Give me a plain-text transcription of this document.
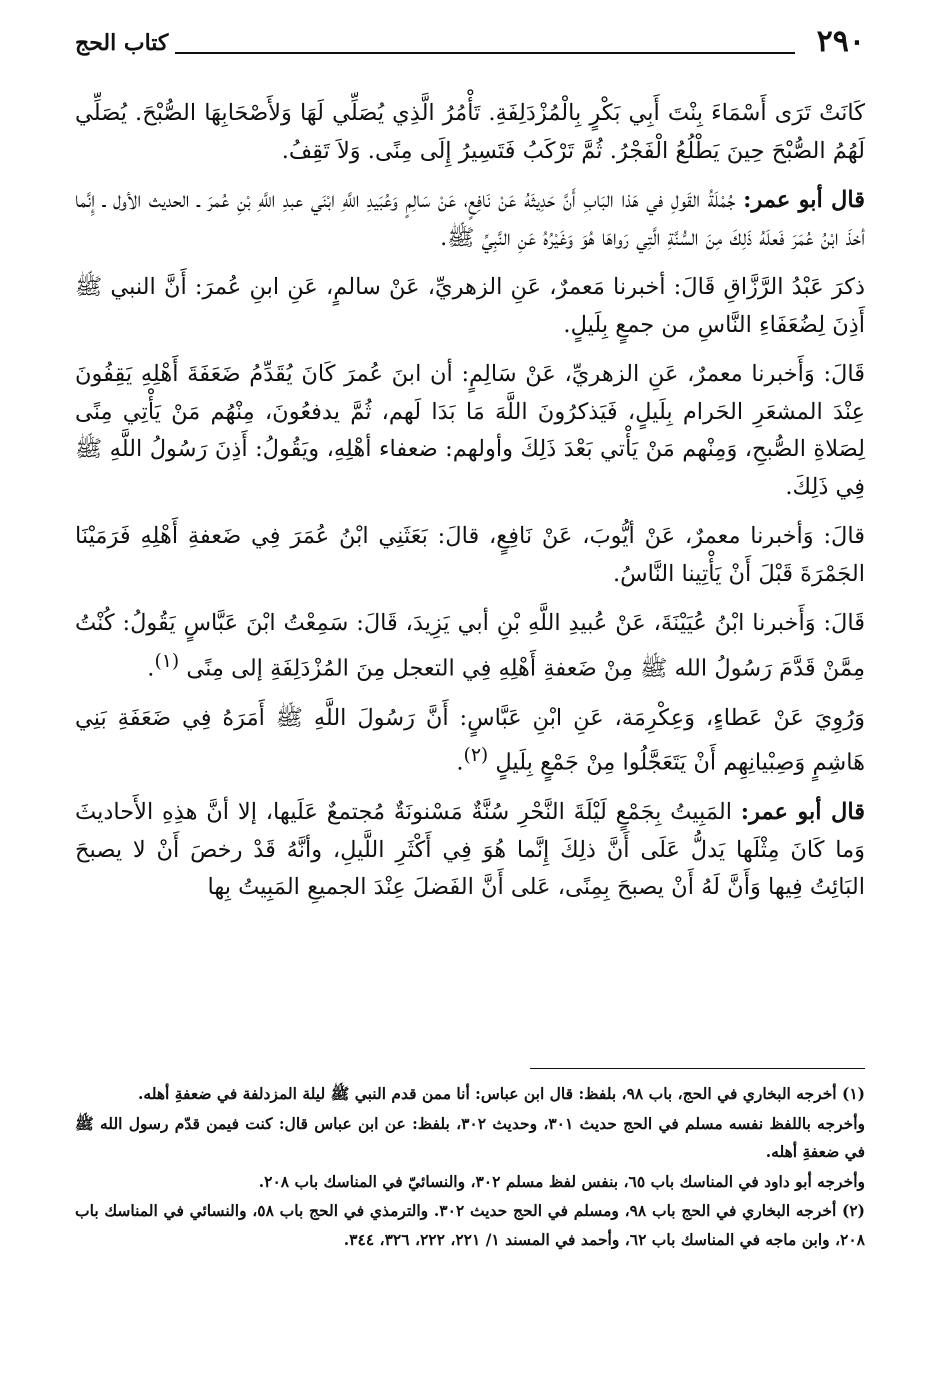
٢٩٠
كتاب الحج

كَانَتْ تَرَى أَسْمَاءَ بِنْتَ أَبِي بَكْرٍ بِالْمُزْدَلِفَةِ. تَأْمُرُ الَّذِي يُصَلِّي لَهَا وَلأَصْحَابِهَا الصُّبْحَ. يُصَلِّي لَهُمُ الصُّبْحَ حِينَ يَطْلُعُ الْفَجْرُ. ثُمَّ تَرْكَبُ فَتَسِيرُ إِلَى مِنًى. وَلاَ تَقِفُ.

قال أبو عمر: جُمْلَةُ القَولِ في هَذا البَابِ أَنَّ حَدِيثَهُ عَنْ نَافِعٍ، عَنْ سَالِمٍ وَعُبَيدِ اللَّهِ ابْنَي عبدِ اللَّهِ بْنِ عُمرَ ـ الحديث الأول ـ إِنَّما أخذَ ابْنُ عُمَرَ فَعلَهُ ذَلِكَ مِنَ السُّنَّةِ الَّتِي رَواهَا هُوَ وَغَيْرُهُ عَنِ النَّبِيِّ ﷺ.

ذكرَ عَبْدُ الرَّزَّاقِ قَالَ: أخبرنا مَعمرٌ، عَنِ الزهريِّ، عَنْ سالمٍ، عَنِ ابنِ عُمرَ: أَنَّ النبي ﷺ أَذِنَ لِضُعَفَاءِ النَّاسِ من جمعٍ بِلَيلٍ.

قَالَ: وَأَخبرنا معمرٌ، عَنِ الزهريِّ، عَنْ سَالِمٍ: أن ابنَ عُمرَ كَانَ يُقَدِّمُ ضَعَفَةَ أَهْلِهِ يَقِفُونَ عِنْدَ المشعَرِ الحَرام بِلَيلٍ، فَيَذكرُونَ اللَّهَ مَا بَدَا لَهم، ثُمَّ يدفعُونَ، مِنْهُم مَنْ يَأْتِي مِنًى لِصَلاةِ الصُّبحِ، وَمِنْهم مَنْ يَأْتي بَعْدَ ذَلِكَ وأولهم: ضعفاء أهْلِهِ، ويَقُولُ: أَذِنَ رَسُولُ اللَّهِ ﷺ فِي ذَلِكَ.

قالَ: وَأخبرنا معمرٌ، عَنْ أيُّوبَ، عَنْ نَافِعٍ، قالَ: بَعَثَنِي ابْنُ عُمَرَ فِي ضَعفةِ أَهْلِهِ فَرَمَيْنَا الجَمْرَةَ قَبْلَ أَنْ يَأْتِينا النَّاسُ.

قَالَ: وَأَخبرنا ابْنُ عُيَيْنَةَ، عَنْ عُبيدِ اللَّهِ بْنِ أبي يَزِيدَ، قَالَ: سَمِعْتُ ابْنَ عَبَّاسٍ يَقُولُ: كُنْتُ مِمَّنْ قَدَّمَ رَسُولُ الله ﷺ مِنْ ضَعفةِ أَهْلِهِ فِي التعجل مِنَ المُزْدَلِفَةِ إلى مِنًى $^{(١)}$.

وَرُوِيَ عَنْ عَطاءٍ، وَعِكْرِمَة، عَنِ ابْنِ عَبَّاسٍ: أَنَّ رَسُولَ اللَّهِ ﷺ أَمَرَهُ فِي ضَعَفَةِ بَنِي هَاشِمٍ وَصِبْيانِهِم أَنْ يَتَعَجَّلُوا مِنْ جَمْعٍ بِلَيلٍ $^{(٢)}$.

قال أبو عمر: المَبِيتُ بِجَمْعٍ لَيْلَةَ النَّحْرِ سُنَّةٌ مَسْنونَةٌ مُجتمعٌ عَلَيها، إلا أنَّ هذِهِ الأَحاديثَ وَما كَانَ مِثْلَها يَدلُّ عَلَى أَنَّ ذلِكَ إِنَّما هُوَ فِي أَكْثَرِ اللَّيلِ، وأنَّهُ قَدْ رخصَ أَنْ لا يصبحَ البَائِتُ فِيها وَأَنَّ لَهُ أَنْ يصبحَ بِمِنًى، عَلى أَنَّ الفَضلَ عِنْدَ الجميعِ المَبِيتُ بِها

(١) أخرجه البخاري في الحج، باب ٩٨، بلفظ: قال ابن عباس: أنا ممن قدم النبي ﷺ ليلة المزدلفة في ضعفةِ أهله.

وأخرجه باللفظ نفسه مسلم في الحج حديث ٣٠١، وحديث ٣٠٢، بلفظ: عن ابن عباس قال: كنت فيمن قدّم رسول الله ﷺ في ضعفةِ أهله.

وأخرجه أبو داود في المناسك باب ٦٥، بنفس لفظ مسلم ٣٠٢، والنسائيّ في المناسك باب ٢٠٨.

(٢) أخرجه البخاري في الحج باب ٩٨، ومسلم في الحج حديث ٣٠٢. والترمذي في الحج باب ٥٨، والنسائي في المناسك باب ٢٠٨، وابن ماجه في المناسك باب ٦٢، وأحمد في المسند ١/ ٢٢١، ٢٢٢، ٣٢٦، ٣٤٤.
